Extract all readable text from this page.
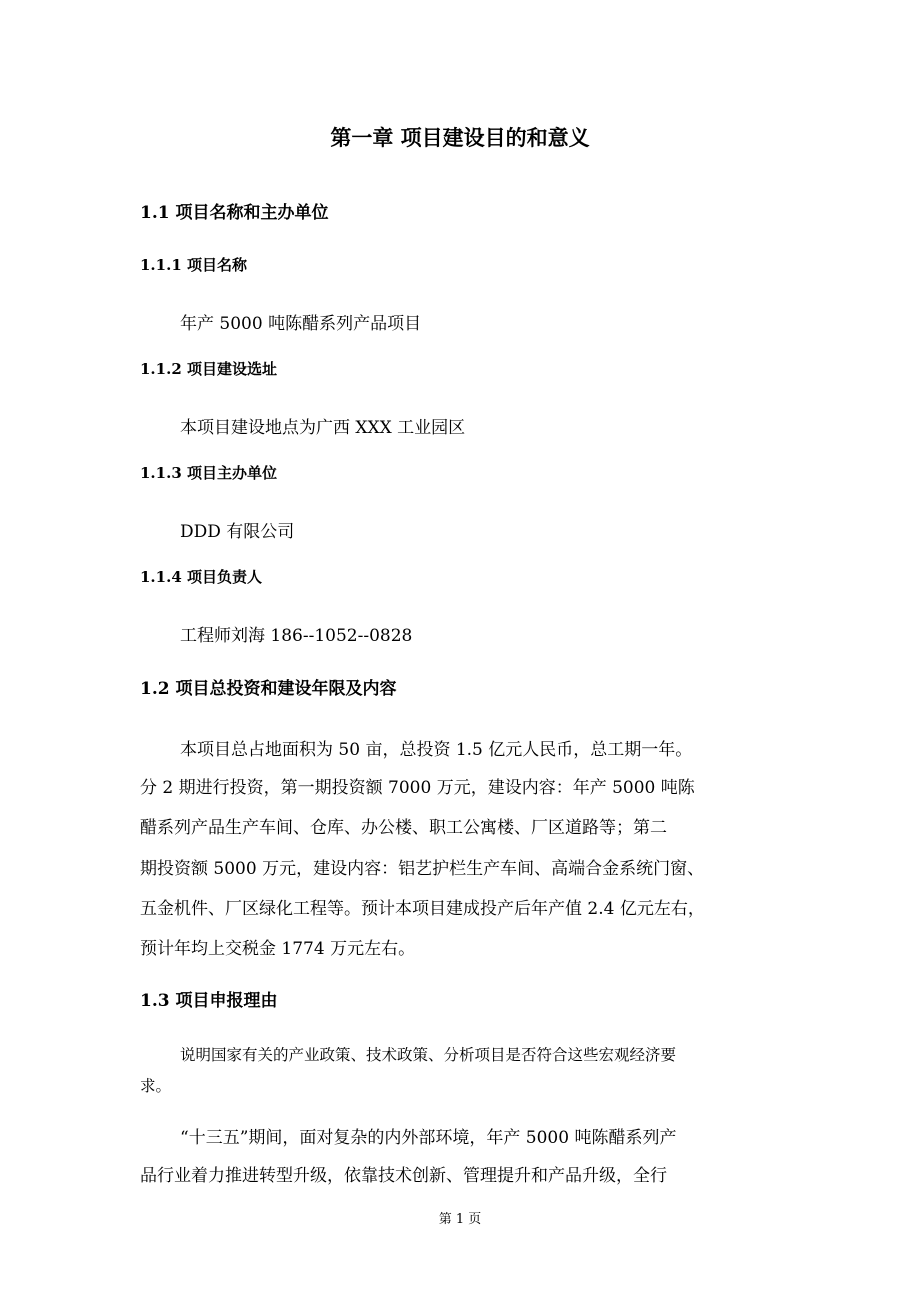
第一章 项目建设目的和意义
1.1 项目名称和主办单位
1.1.1 项目名称
年产 5000 吨陈醋系列产品项目
1.1.2 项目建设选址
本项目建设地点为广西 XXX 工业园区
1.1.3 项目主办单位
DDD 有限公司
1.1.4 项目负责人
工程师刘海 186--1052--0828
1.2 项目总投资和建设年限及内容
本项目总占地面积为 50 亩，总投资 1.5 亿元人民币，总工期一年。
分 2 期进行投资，第一期投资额 7000 万元，建设内容：年产 5000 吨陈
醋系列产品生产车间、仓库、办公楼、职工公寓楼、厂区道路等；第二
期投资额 5000 万元，建设内容：铝艺护栏生产车间、高端合金系统门窗、
五金机件、厂区绿化工程等。预计本项目建成投产后年产值 2.4 亿元左右，
预计年均上交税金 1774 万元左右。
1.3 项目申报理由
说明国家有关的产业政策、技术政策、分析项目是否符合这些宏观经济要
求。
“十三五”期间，面对复杂的内外部环境，年产 5000 吨陈醋系列产
品行业着力推进转型升级，依靠技术创新、管理提升和产品升级，全行
第 1 页
